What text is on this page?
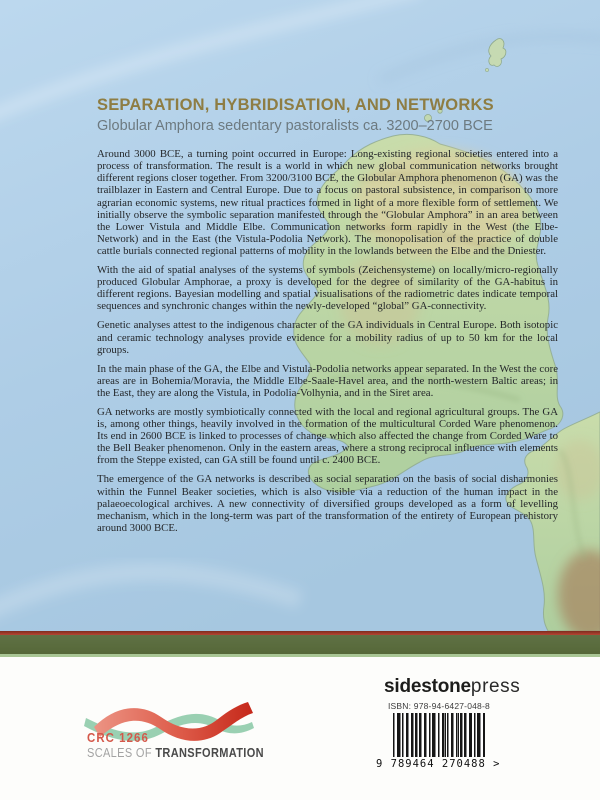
SEPARATION, HYBRIDISATION, AND NETWORKS
Globular Amphora sedentary pastoralists ca. 3200–2700 BCE

Around 3000 BCE, a turning point occurred in Europe: Long-existing regional societies entered into a process of transformation. The result is a world in which new global communication networks brought different regions closer together. From 3200/3100 BCE, the Globular Amphora phenomenon (GA) was the trailblazer in Eastern and Central Europe. Due to a focus on pastoral subsistence, in comparison to more agrarian economic systems, new ritual practices formed in light of a more flexible form of settlement. We initially observe the symbolic separation manifested through the “Globular Amphora” in an area between the Lower Vistula and Middle Elbe. Communication networks form rapidly in the West (the Elbe-Network) and in the East (the Vistula-Podolia Network). The monopolisation of the practice of double cattle burials connected regional patterns of mobility in the lowlands between the Elbe and the Dniester.

With the aid of spatial analyses of the systems of symbols (Zeichensysteme) on locally/micro-regionally produced Globular Amphorae, a proxy is developed for the degree of similarity of the GA-habitus in different regions. Bayesian modelling and spatial visualisations of the radiometric dates indicate temporal sequences and synchronic changes within the newly-developed “global” GA-connectivity.

Genetic analyses attest to the indigenous character of the GA individuals in Central Europe. Both isotopic and ceramic technology analyses provide evidence for a mobility radius of up to 50 km for the local groups.

In the main phase of the GA, the Elbe and Vistula-Podolia networks appear separated. In the West the core areas are in Bohemia/Moravia, the Middle Elbe-Saale-Havel area, and the north-western Baltic areas; in the East, they are along the Vistula, in Podolia-Volhynia, and in the Siret area.

GA networks are mostly symbiotically connected with the local and regional agricultural groups. The GA is, among other things, heavily involved in the formation of the multicultural Corded Ware phenomenon. Its end in 2600 BCE is linked to processes of change which also affected the change from Corded Ware to the Bell Beaker phenomenon. Only in the eastern areas, where a strong reciprocal influence with elements from the Steppe existed, can GA still be found until c. 2400 BCE.

The emergence of the GA networks is described as social separation on the basis of social disharmonies within the Funnel Beaker societies, which is also visible via a reduction of the human impact in the palaeoecological archives. A new connectivity of diversified groups developed as a form of levelling mechanism, which in the long-term was part of the transformation of the entirety of European prehistory around 3000 BCE.

CRC 1266
SCALES OF TRANSFORMATION
sidestonepress
ISBN: 978-94-6427-048-8
9 789464 270488 >
